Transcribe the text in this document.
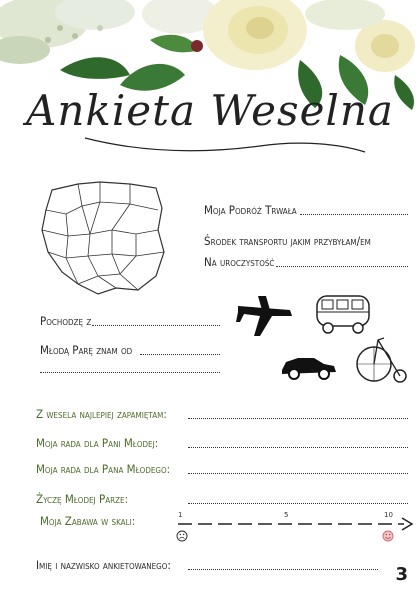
Ankieta Weselna
Moja Podróż Trwała
Środek transportu jakim przybyłam/em
Na uroczystość
Pochodzę z
Młodą Parę znam od
Z wesela najlepiej zapamiętam:
Moja rada dla Pani Młodej:
Moja rada dla Pana Młodego:
Życzę Młodej Parze:
Moja Zabawa w skali:	1	5	10
Imię i nazwisko ankietowanego:	3
